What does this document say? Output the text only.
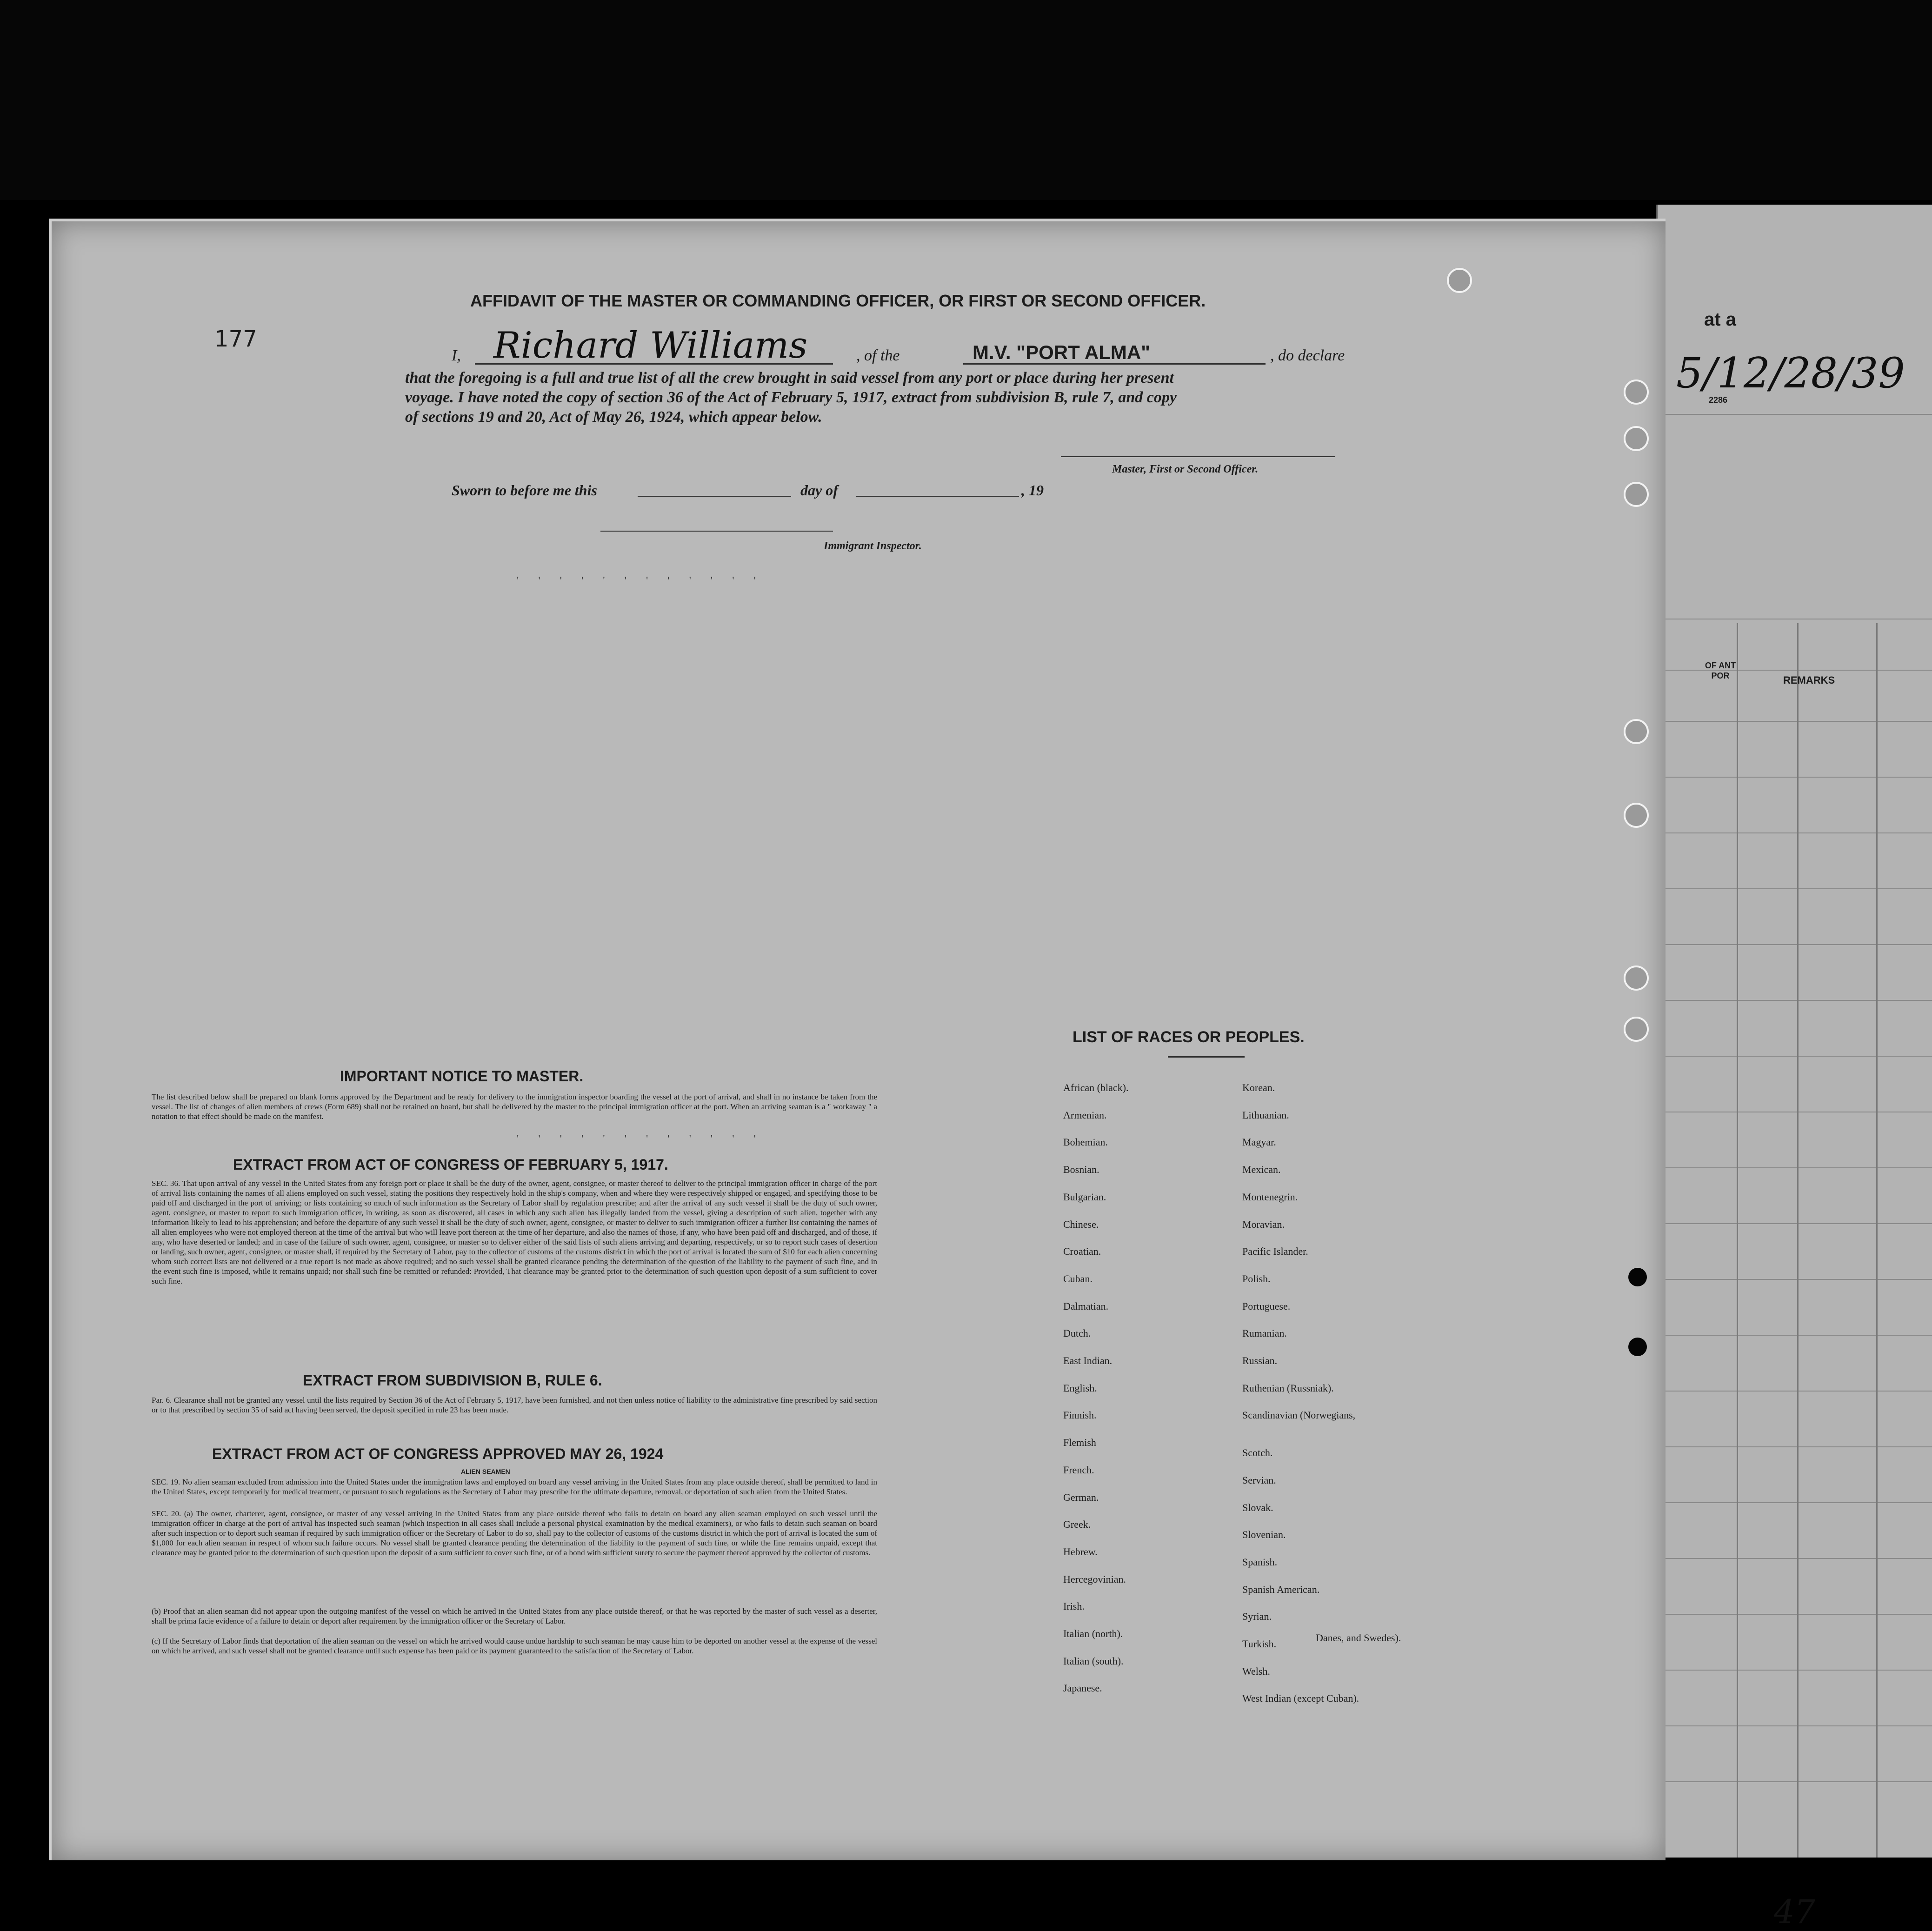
at a
5/12/28/39
2286
OF ANT POR	REMARKS
47
177
AFFIDAVIT OF THE MASTER OR COMMANDING OFFICER, OR FIRST OR SECOND OFFICER.
I, Richard Williams	, of the	M.V. "PORT ALMA"	, do declare
that the foregoing is a full and true list of all the crew brought in said vessel from any port or place during her present
voyage. I have noted the copy of section 36 of the Act of February 5, 1917, extract from subdivision B, rule 7, and copy
of sections 19 and 20, Act of May 26, 1924, which appear below.
Master, First or Second Officer.
Sworn to before me this	day of	, 19
Immigrant Inspector.
' ' ' ' ' ' ' ' ' ' ' '
' ' ' ' ' ' ' ' ' ' ' '
IMPORTANT NOTICE TO MASTER.
The list described below shall be prepared on blank forms approved by the Department and be ready for delivery to the immigration inspector boarding the vessel at the port of arrival, and shall in no instance be taken from the vessel. The list of changes of alien members of crews (Form 689) shall not be retained on board, but shall be delivered by the master to the principal immigration officer at the port. When an arriving seaman is a " workaway " a notation to that effect should be made on the manifest.
EXTRACT FROM ACT OF CONGRESS OF FEBRUARY 5, 1917.
SEC. 36. That upon arrival of any vessel in the United States from any foreign port or place it shall be the duty of the owner, agent, consignee, or master thereof to deliver to the principal immigration officer in charge of the port of arrival lists containing the names of all aliens employed on such vessel, stating the positions they respectively hold in the ship's company, when and where they were respectively shipped or engaged, and specifying those to be paid off and discharged in the port of arriving; or lists containing so much of such information as the Secretary of Labor shall by regulation prescribe; and after the arrival of any such vessel it shall be the duty of such owner, agent, consignee, or master to report to such immigration officer, in writing, as soon as discovered, all cases in which any such alien has illegally landed from the vessel, giving a description of such alien, together with any information likely to lead to his apprehension; and before the departure of any such vessel it shall be the duty of such owner, agent, consignee, or master to deliver to such immigration officer a further list containing the names of all alien employees who were not employed thereon at the time of the arrival but who will leave port thereon at the time of her departure, and also the names of those, if any, who have been paid off and discharged, and of those, if any, who have deserted or landed; and in case of the failure of such owner, agent, consignee, or master so to deliver either of the said lists of such aliens arriving and departing, respectively, or so to report such cases of desertion or landing, such owner, agent, consignee, or master shall, if required by the Secretary of Labor, pay to the collector of customs of the customs district in which the port of arrival is located the sum of $10 for each alien concerning whom such correct lists are not delivered or a true report is not made as above required; and no such vessel shall be granted clearance pending the determination of the question of the liability to the payment of such fine, and in the event such fine is imposed, while it remains unpaid; nor shall such fine be remitted or refunded: Provided, That clearance may be granted prior to the determination of such question upon deposit of a sum sufficient to cover such fine.
EXTRACT FROM SUBDIVISION B, RULE 6.
Par. 6. Clearance shall not be granted any vessel until the lists required by Section 36 of the Act of February 5, 1917, have been furnished, and not then unless notice of liability to the administrative fine prescribed by said section or to that prescribed by section 35 of said act having been served, the deposit specified in rule 23 has been made.
EXTRACT FROM ACT OF CONGRESS APPROVED MAY 26, 1924
ALIEN SEAMEN
SEC. 19. No alien seaman excluded from admission into the United States under the immigration laws and employed on board any vessel arriving in the United States from any place outside thereof, shall be permitted to land in the United States, except temporarily for medical treatment, or pursuant to such regulations as the Secretary of Labor may prescribe for the ultimate departure, removal, or deportation of such alien from the United States.
SEC. 20. (a) The owner, charterer, agent, consignee, or master of any vessel arriving in the United States from any place outside thereof who fails to detain on board any alien seaman employed on such vessel until the immigration officer in charge at the port of arrival has inspected such seaman (which inspection in all cases shall include a personal physical examination by the medical examiners), or who fails to detain such seaman on board after such inspection or to deport such seaman if required by such immigration officer or the Secretary of Labor to do so, shall pay to the collector of customs of the customs district in which the port of arrival is located the sum of $1,000 for each alien seaman in respect of whom such failure occurs. No vessel shall be granted clearance pending the determination of the liability to the payment of such fine, or while the fine remains unpaid, except that clearance may be granted prior to the determination of such question upon the deposit of a sum sufficient to cover such fine, or of a bond with sufficient surety to secure the payment thereof approved by the collector of customs.
(b) Proof that an alien seaman did not appear upon the outgoing manifest of the vessel on which he arrived in the United States from any place outside thereof, or that he was reported by the master of such vessel as a deserter, shall be prima facie evidence of a failure to detain or deport after requirement by the immigration officer or the Secretary of Labor.
(c) If the Secretary of Labor finds that deportation of the alien seaman on the vessel on which he arrived would cause undue hardship to such seaman he may cause him to be deported on another vessel at the expense of the vessel on which he arrived, and such vessel shall not be granted clearance until such expense has been paid or its payment guaranteed to the satisfaction of the Secretary of Labor.
LIST OF RACES OR PEOPLES.
Danes, and Swedes).
African (black).
Armenian.
Bohemian.
Bosnian.
Bulgarian.
Chinese.
Croatian.
Cuban.
Dalmatian.
Dutch.
East Indian.
English.
Finnish.
Flemish
French.
German.
Greek.
Hebrew.
Hercegovinian.
Irish.
Italian (north).
Italian (south).
Japanese.
Korean.
Lithuanian.
Magyar.
Mexican.
Montenegrin.
Moravian.
Pacific Islander.
Polish.
Portuguese.
Rumanian.
Russian.
Ruthenian (Russniak).
Scandinavian (Norwegians,
Scotch.
Servian.
Slovak.
Slovenian.
Spanish.
Spanish American.
Syrian.
Turkish.
Welsh.
West Indian (except Cuban).
